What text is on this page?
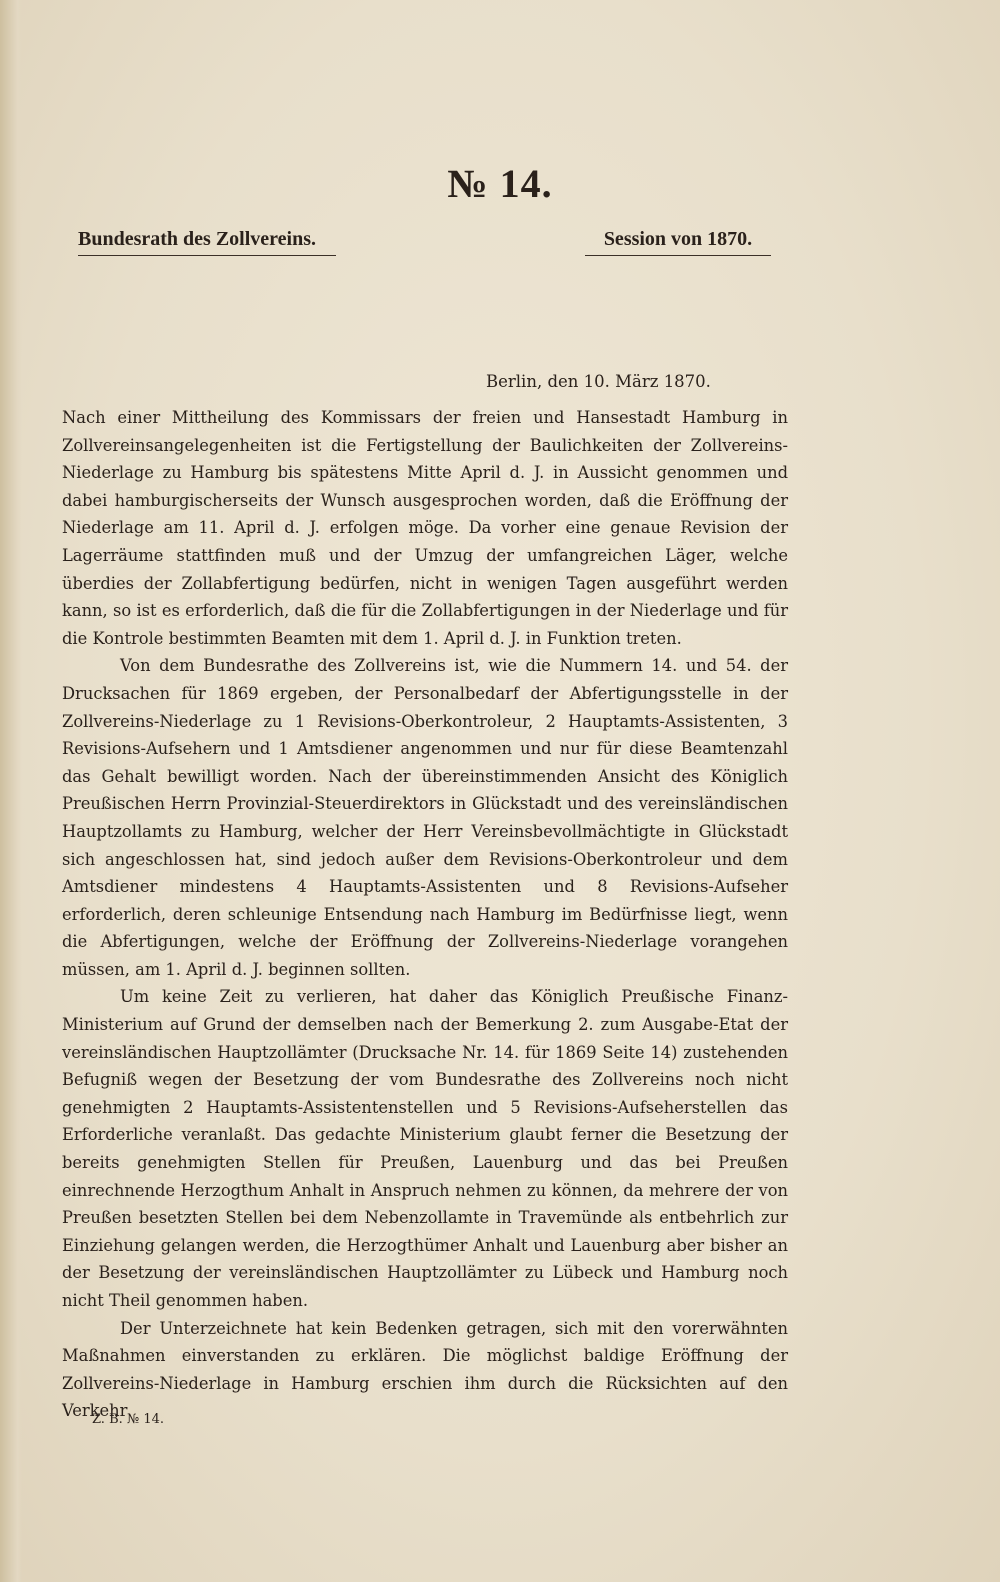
№ 14.
Bundesrath des Zollvereins.	Session von 1870.
Berlin, den 10. März 1870.

Nach einer Mittheilung des Kommissars der freien und Hansestadt Hamburg in Zollvereinsangelegenheiten ist die Fertigstellung der Baulichkeiten der Zollvereins-Niederlage zu Hamburg bis spätestens Mitte April d. J. in Aussicht genommen und dabei hamburgischerseits der Wunsch ausgesprochen worden, daß die Eröffnung der Niederlage am 11. April d. J. erfolgen möge. Da vorher eine genaue Revision der Lagerräume stattfinden muß und der Umzug der umfangreichen Läger, welche überdies der Zollabfertigung bedürfen, nicht in wenigen Tagen ausgeführt werden kann, so ist es erforderlich, daß die für die Zollabfertigungen in der Niederlage und für die Kontrole bestimmten Beamten mit dem 1. April d. J. in Funktion treten.

Von dem Bundesrathe des Zollvereins ist, wie die Nummern 14. und 54. der Drucksachen für 1869 ergeben, der Personalbedarf der Abfertigungsstelle in der Zollvereins-Niederlage zu 1 Revisions-Oberkontroleur, 2 Hauptamts-Assistenten, 3 Revisions-Aufsehern und 1 Amtsdiener angenommen und nur für diese Beamtenzahl das Gehalt bewilligt worden. Nach der übereinstimmenden Ansicht des Königlich Preußischen Herrn Provinzial-Steuerdirektors in Glückstadt und des vereinsländischen Hauptzollamts zu Hamburg, welcher der Herr Vereinsbevollmächtigte in Glückstadt sich angeschlossen hat, sind jedoch außer dem Revisions-Oberkontroleur und dem Amtsdiener mindestens 4 Hauptamts-Assistenten und 8 Revisions-Aufseher erforderlich, deren schleunige Entsendung nach Hamburg im Bedürfnisse liegt, wenn die Abfertigungen, welche der Eröffnung der Zollvereins-Niederlage vorangehen müssen, am 1. April d. J. beginnen sollten.

Um keine Zeit zu verlieren, hat daher das Königlich Preußische Finanz-Ministerium auf Grund der demselben nach der Bemerkung 2. zum Ausgabe-Etat der vereinsländischen Hauptzollämter (Drucksache Nr. 14. für 1869 Seite 14) zustehenden Befugniß wegen der Besetzung der vom Bundesrathe des Zollvereins noch nicht genehmigten 2 Hauptamts-Assistentenstellen und 5 Revisions-Aufseherstellen das Erforderliche veranlaßt. Das gedachte Ministerium glaubt ferner die Besetzung der bereits genehmigten Stellen für Preußen, Lauenburg und das bei Preußen einrechnende Herzogthum Anhalt in Anspruch nehmen zu können, da mehrere der von Preußen besetzten Stellen bei dem Nebenzollamte in Travemünde als entbehrlich zur Einziehung gelangen werden, die Herzogthümer Anhalt und Lauenburg aber bisher an der Besetzung der vereinsländischen Hauptzollämter zu Lübeck und Hamburg noch nicht Theil genommen haben.

Der Unterzeichnete hat kein Bedenken getragen, sich mit den vorerwähnten Maßnahmen einverstanden zu erklären. Die möglichst baldige Eröffnung der Zollvereins-Niederlage in Hamburg erschien ihm durch die Rücksichten auf den Verkehr

Z. B. № 14.
